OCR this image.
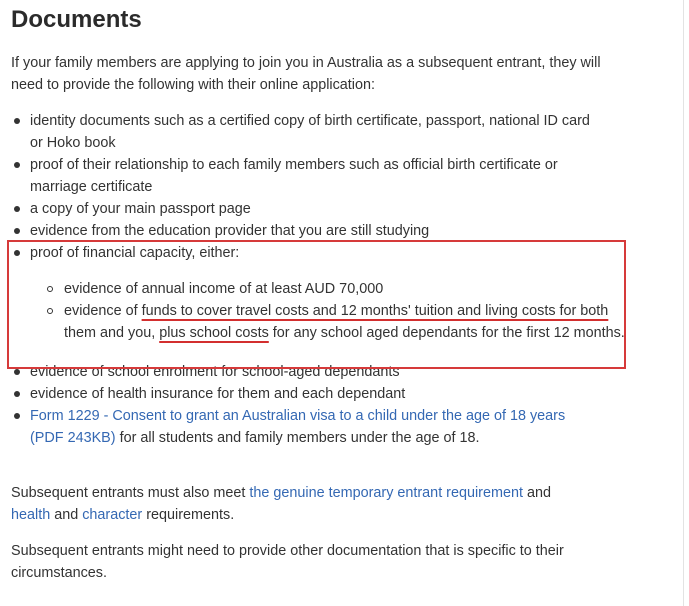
Documents

If your family members are applying to join you in Australia as a subsequent entrant, they will need to provide the following with their online application:

identity documents such as a certified copy of birth certificate, passport, national ID card or Hoko book
proof of their relationship to each family members such as official birth certificate or marriage certificate
a copy of your main passport page
evidence from the education provider that you are still studying
proof of financial capacity, either:
evidence of annual income of at least AUD 70,000
evidence of funds to cover travel costs and 12 months' tuition and living costs for both them and you, plus school costs for any school aged dependants for the first 12 months.
evidence of school enrolment for school-aged dependants
evidence of health insurance for them and each dependant
Form 1229 - Consent to grant an Australian visa to a child under the age of 18 years (PDF 243KB) for all students and family members under the age of 18.

Subsequent entrants must also meet the genuine temporary entrant requirement and
health and character requirements.

Subsequent entrants might need to provide other documentation that is specific to their circumstances.
